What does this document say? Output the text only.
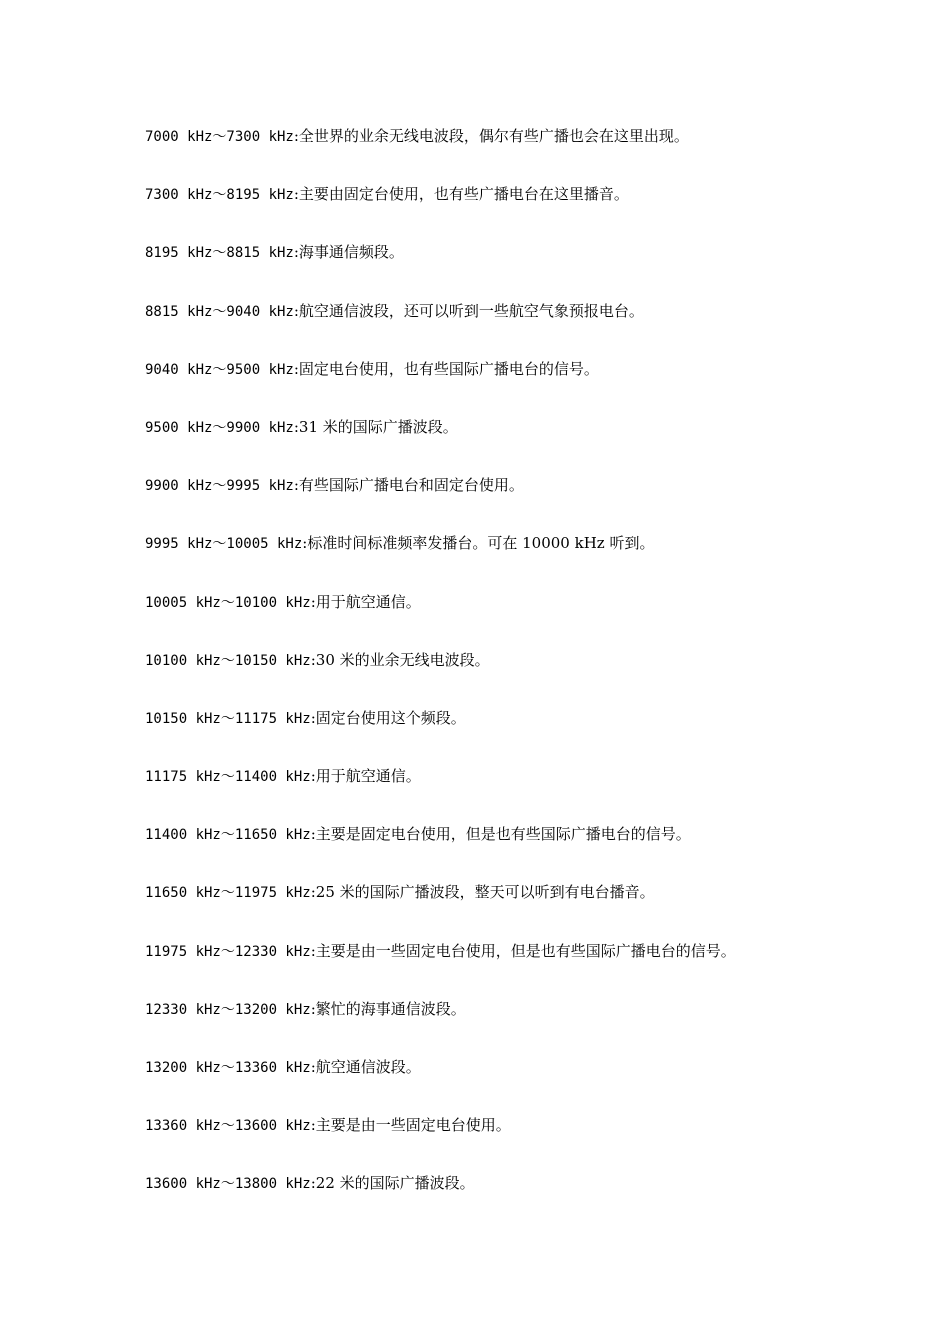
7000 kHz～7300 kHz:全世界的业余无线电波段，偶尔有些广播也会在这里出现。
7300 kHz～8195 kHz:主要由固定台使用，也有些广播电台在这里播音。
8195 kHz～8815 kHz:海事通信频段。
8815 kHz～9040 kHz:航空通信波段，还可以听到一些航空气象预报电台。
9040 kHz～9500 kHz:固定电台使用，也有些国际广播电台的信号。
9500 kHz～9900 kHz:31 米的国际广播波段。
9900 kHz～9995 kHz:有些国际广播电台和固定台使用。
9995 kHz～10005 kHz:标准时间标准频率发播台。可在 10000 kHz 听到。
10005 kHz～10100 kHz:用于航空通信。
10100 kHz～10150 kHz:30 米的业余无线电波段。
10150 kHz～11175 kHz:固定台使用这个频段。
11175 kHz～11400 kHz:用于航空通信。
11400 kHz～11650 kHz:主要是固定电台使用，但是也有些国际广播电台的信号。
11650 kHz～11975 kHz:25 米的国际广播波段，整天可以听到有电台播音。
11975 kHz～12330 kHz:主要是由一些固定电台使用，但是也有些国际广播电台的信号。
12330 kHz～13200 kHz:繁忙的海事通信波段。
13200 kHz～13360 kHz:航空通信波段。
13360 kHz～13600 kHz:主要是由一些固定电台使用。
13600 kHz～13800 kHz:22 米的国际广播波段。
